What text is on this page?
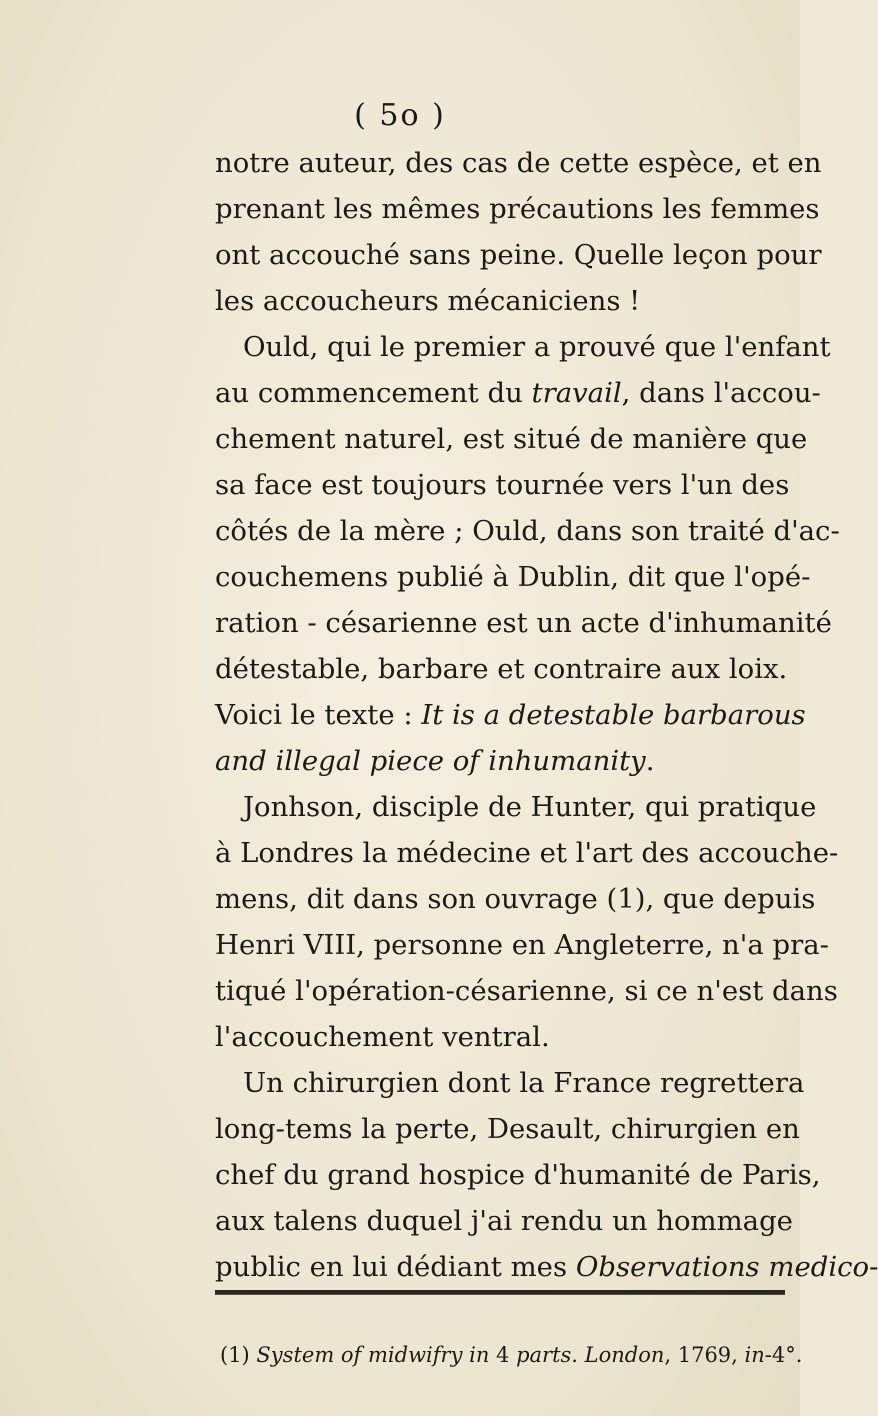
( 5o )
notre auteur, des cas de cette espèce, et en
prenant les mêmes précautions les femmes
ont accouché sans peine. Quelle leçon pour
les accoucheurs mécaniciens !
Ould, qui le premier a prouvé que l'enfant
au commencement du travail, dans l'accou-
chement naturel, est situé de manière que
sa face est toujours tournée vers l'un des
côtés de la mère ; Ould, dans son traité d'ac-
couchemens publié à Dublin, dit que l'opé-
ration - césarienne est un acte d'inhumanité
détestable, barbare et contraire aux loix.
Voici le texte : It is a detestable barbarous
and illegal piece of inhumanity.
Jonhson, disciple de Hunter, qui pratique
à Londres la médecine et l'art des accouche-
mens, dit dans son ouvrage (1), que depuis
Henri VIII, personne en Angleterre, n'a pra-
tiqué l'opération-césarienne, si ce n'est dans
l'accouchement ventral.
Un chirurgien dont la France regrettera
long-tems la perte, Desault, chirurgien en
chef du grand hospice d'humanité de Paris,
aux talens duquel j'ai rendu un hommage
public en lui dédiant mes Observations medico-
(1) System of midwifry in 4 parts. London, 1769, in-4°.
